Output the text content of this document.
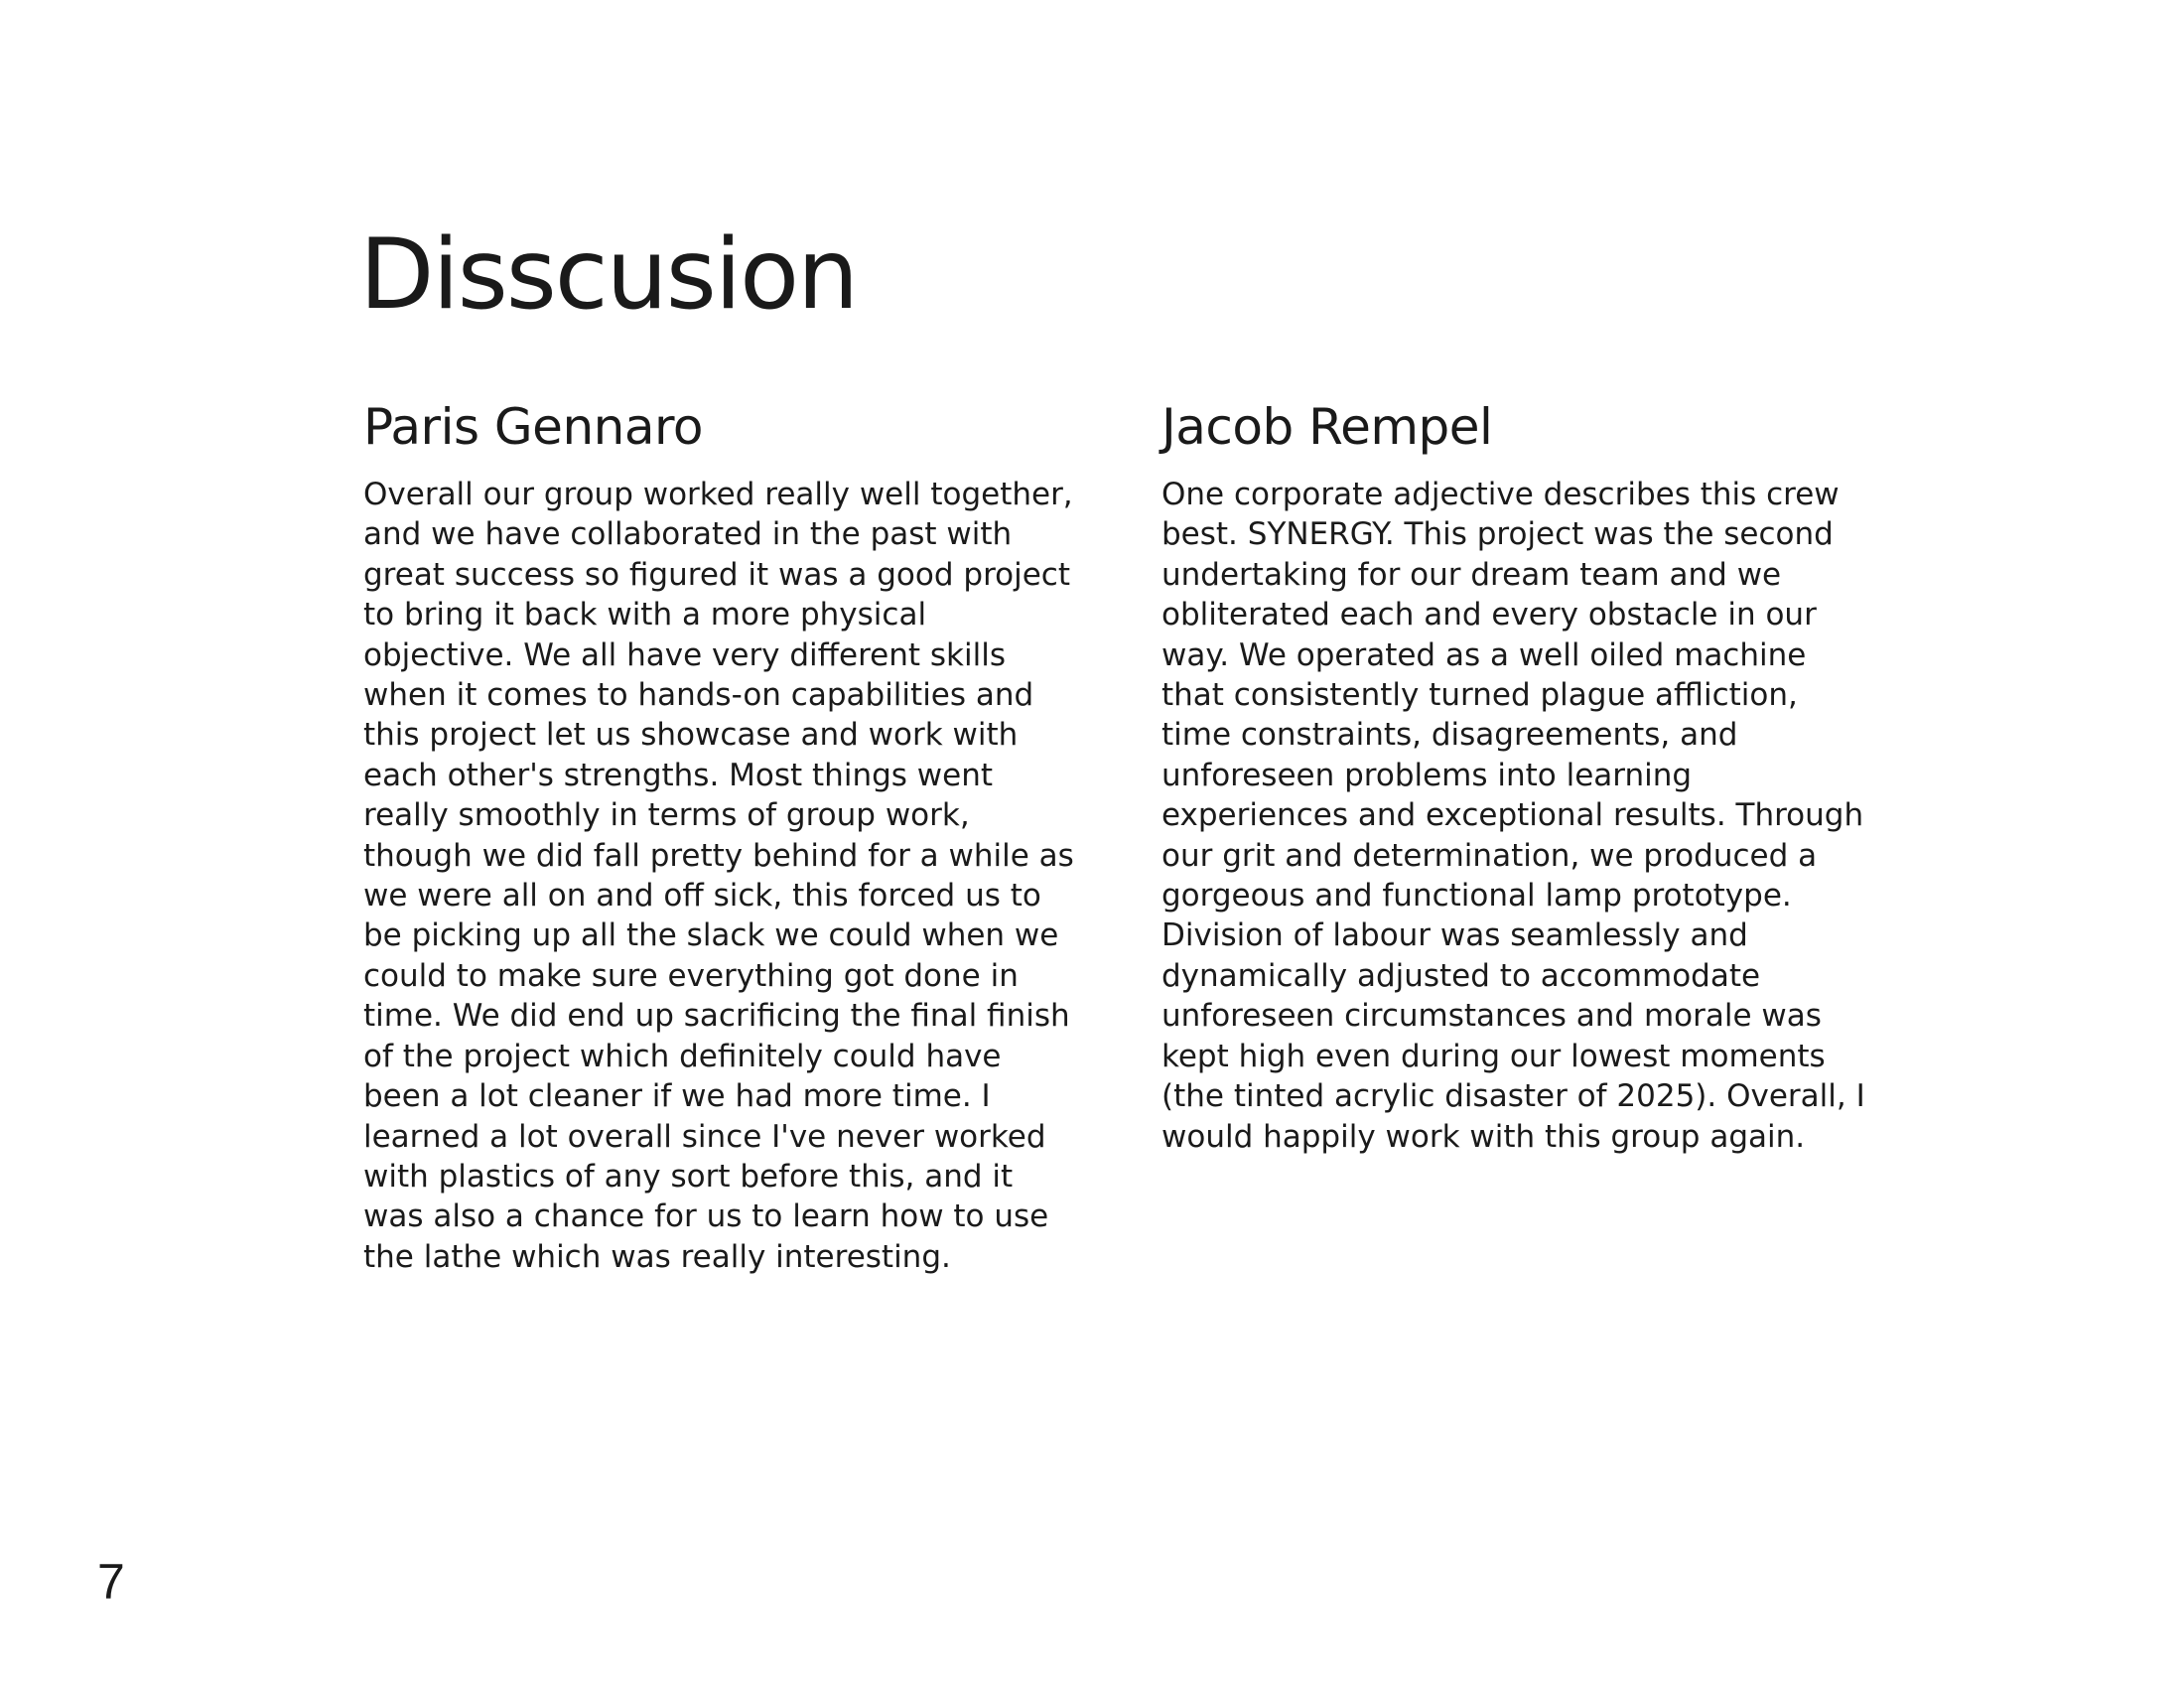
Disscusion
Paris Gennaro

Overall our group worked really well together, and we have collaborated in the past with great success so figured it was a good project to bring it back with a more physical objective. We all have very different skills when it comes to hands-on capabilities and this project let us showcase and work with each other's strengths. Most things went really smoothly in terms of group work, though we did fall pretty behind for a while as we were all on and off sick, this forced us to be picking up all the slack we could when we could to make sure everything got done in time. We did end up sacrificing the final finish of the project which definitely could have been a lot cleaner if we had more time. I learned a lot overall since I've never worked with plastics of any sort before this, and it was also a chance for us to learn how to use the lathe which was really interesting.

Jacob Rempel

One corporate adjective describes this crew best. SYNERGY. This project was the second undertaking for our dream team and we obliterated each and every obstacle in our way. We operated as a well oiled machine that consistently turned plague affliction, time constraints, disagreements, and unforeseen problems into learning experiences and exceptional results. Through our grit and determination, we produced a gorgeous and functional lamp prototype. Division of labour was seamlessly and dynamically adjusted to accommodate unforeseen circumstances and morale was kept high even during our lowest moments (the tinted acrylic disaster of 2025). Overall, I would happily work with this group again.

7
